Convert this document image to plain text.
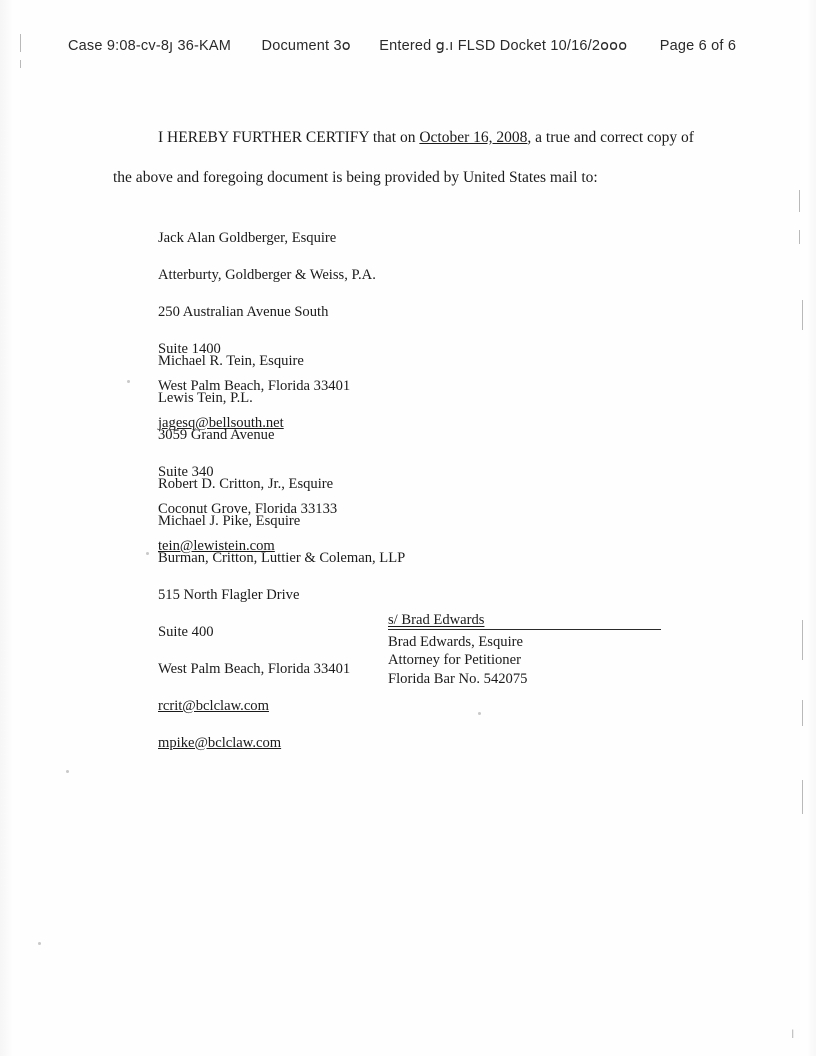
Case 9:08-cv-8յ 36-KAM Document 3օ Entered ց.ı FLSD Docket 10/16/2օօօ Page 6 of 6
I HEREBY FURTHER CERTIFY that on October 16, 2008, a true and correct copy of
the above and foregoing document is being provided by United States mail to:

Jack Alan Goldberger, Esquire

Atterburty, Goldberger & Weiss, P.A.

250 Australian Avenue South

Suite 1400

West Palm Beach, Florida 33401

jagesq@bellsouth.net

Michael R. Tein, Esquire

Lewis Tein, P.L.

3059 Grand Avenue

Suite 340

Coconut Grove, Florida 33133

tein@lewistein.com

Robert D. Critton, Jr., Esquire

Michael J. Pike, Esquire

Burman, Critton, Luttier & Coleman, LLP

515 North Flagler Drive

Suite 400

West Palm Beach, Florida 33401

rcrit@bclclaw.com

mpike@bclclaw.com

s/ Brad Edwards
Brad Edwards, Esquire
Attorney for Petitioner
Florida Bar No. 542075
|
